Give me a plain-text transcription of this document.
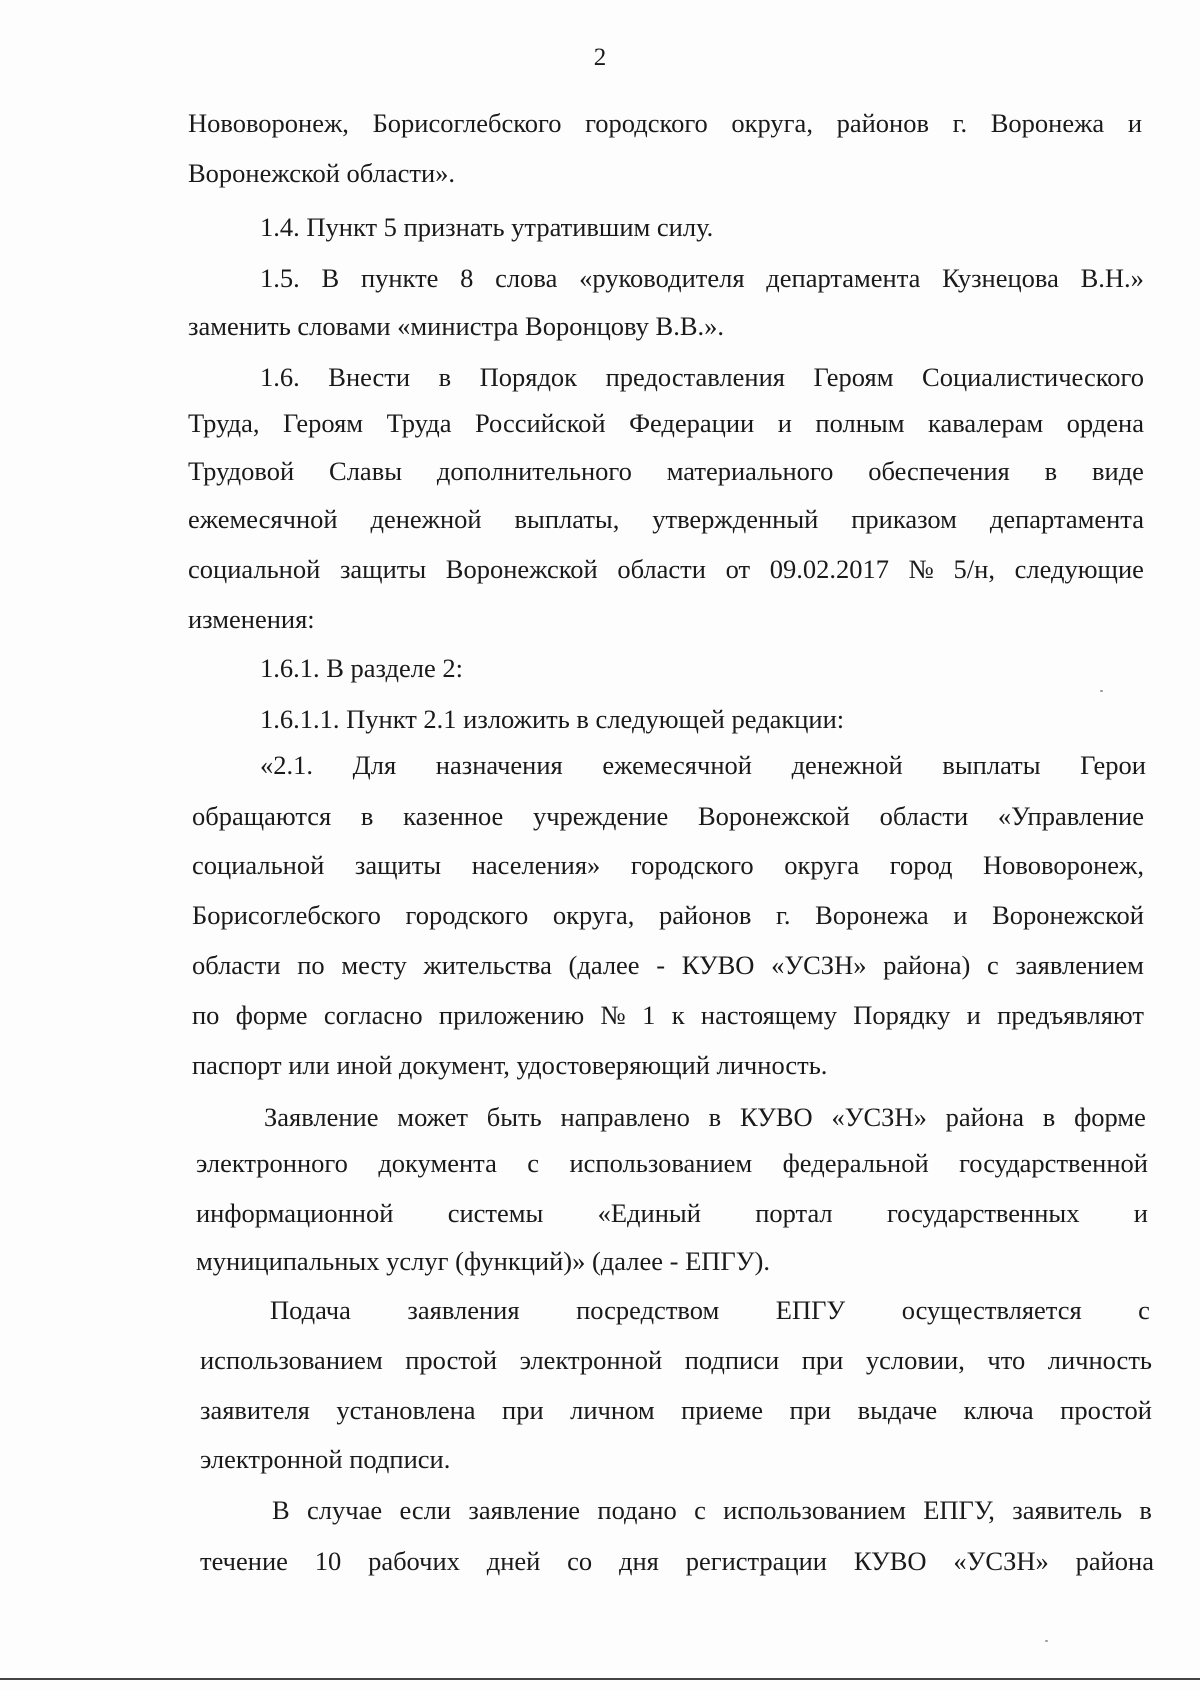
2
Нововоронеж, Борисоглебского городского округа, районов г. Воронежа и
Воронежской области».
1.4. Пункт 5 признать утратившим силу.
1.5. В пункте 8 слова «руководителя департамента Кузнецова В.Н.»
заменить словами «министра Воронцову В.В.».
1.6. Внести в Порядок предоставления Героям Социалистического
Труда, Героям Труда Российской Федерации и полным кавалерам ордена
Трудовой Славы дополнительного материального обеспечения в виде
ежемесячной денежной выплаты, утвержденный приказом департамента
социальной защиты Воронежской области от 09.02.2017 № 5/н, следующие
изменения:
1.6.1. В разделе 2:
1.6.1.1. Пункт 2.1 изложить в следующей редакции:
«2.1. Для назначения ежемесячной денежной выплаты Герои
обращаются в казенное учреждение Воронежской области «Управление
социальной защиты населения» городского округа город Нововоронеж,
Борисоглебского городского округа, районов г. Воронежа и Воронежской
области по месту жительства (далее - КУВО «УСЗН» района) с заявлением
по форме согласно приложению № 1 к настоящему Порядку и предъявляют
паспорт или иной документ, удостоверяющий личность.
Заявление может быть направлено в КУВО «УСЗН» района в форме
электронного документа с использованием федеральной государственной
информационной системы «Единый портал государственных и
муниципальных услуг (функций)» (далее - ЕПГУ).
Подача заявления посредством ЕПГУ осуществляется с
использованием простой электронной подписи при условии, что личность
заявителя установлена при личном приеме при выдаче ключа простой
электронной подписи.
В случае если заявление подано с использованием ЕПГУ, заявитель в
течение 10 рабочих дней со дня регистрации КУВО «УСЗН» района
